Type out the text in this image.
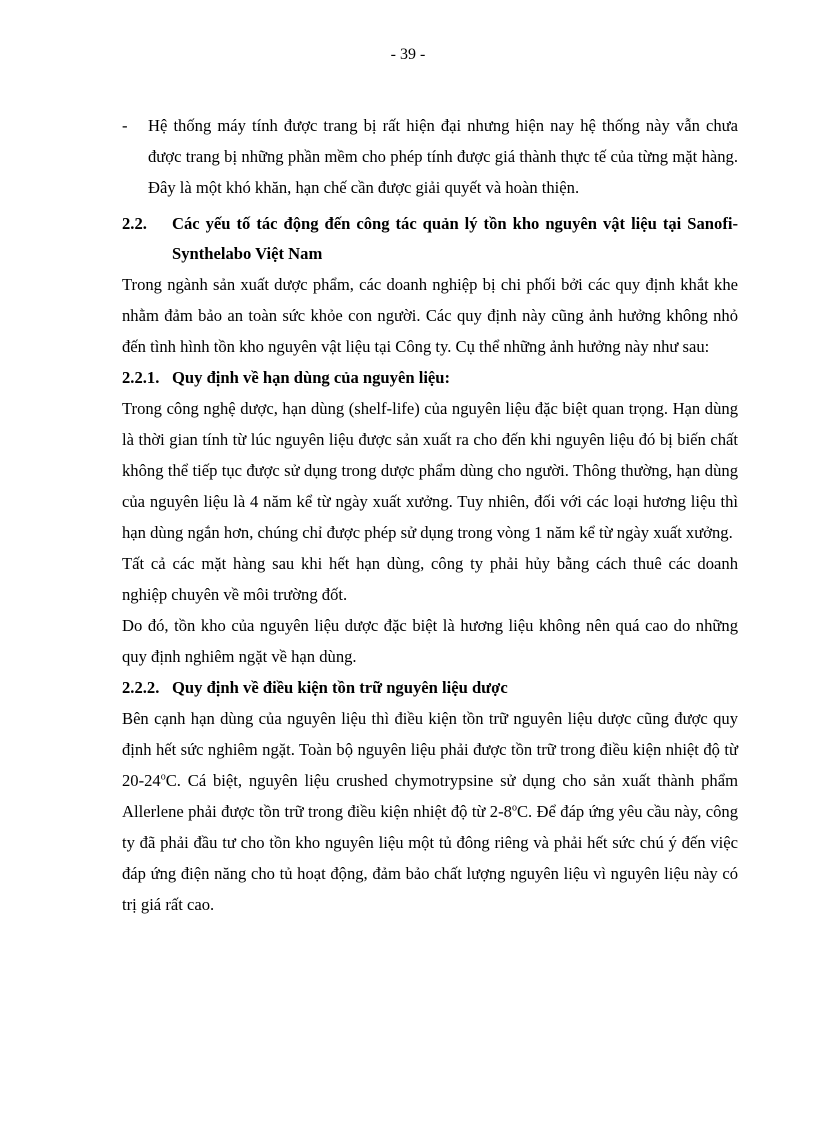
- 39 -
- Hệ thống máy tính được trang bị rất hiện đại nhưng hiện nay hệ thống này vẫn chưa được trang bị những phần mềm cho phép tính được giá thành thực tế của từng mặt hàng. Đây là một khó khăn, hạn chế cần được giải quyết và hoàn thiện.
2.2. Các yếu tố tác động đến công tác quản lý tồn kho nguyên vật liệu tại Sanofi-Synthelabo Việt Nam
Trong ngành sản xuất dược phẩm, các doanh nghiệp bị chi phối bởi các quy định khắt khe nhằm đảm bảo an toàn sức khỏe con người. Các quy định này cũng ảnh hưởng không nhỏ đến tình hình tồn kho nguyên vật liệu tại Công ty. Cụ thể những ảnh hưởng này như sau:
2.2.1. Quy định về hạn dùng của nguyên liệu:
Trong công nghệ dược, hạn dùng (shelf-life) của nguyên liệu đặc biệt quan trọng. Hạn dùng là thời gian tính từ lúc nguyên liệu được sản xuất ra cho đến khi nguyên liệu đó bị biến chất không thể tiếp tục được sử dụng trong dược phẩm dùng cho người. Thông thường, hạn dùng của nguyên liệu là 4 năm kể từ ngày xuất xưởng. Tuy nhiên, đối với các loại hương liệu thì hạn dùng ngắn hơn, chúng chỉ được phép sử dụng trong vòng 1 năm kể từ ngày xuất xưởng.
Tất cả các mặt hàng sau khi hết hạn dùng, công ty phải hủy bằng cách thuê các doanh nghiệp chuyên về môi trường đốt.
Do đó, tồn kho của nguyên liệu dược đặc biệt là hương liệu không nên quá cao do những quy định nghiêm ngặt về hạn dùng.
2.2.2. Quy định về điều kiện tồn trữ nguyên liệu dược
Bên cạnh hạn dùng của nguyên liệu thì điều kiện tồn trữ nguyên liệu dược cũng được quy định hết sức nghiêm ngặt. Toàn bộ nguyên liệu phải được tồn trữ trong điều kiện nhiệt độ từ 20-24$^o$C. Cá biệt, nguyên liệu crushed chymotrypsine sử dụng cho sản xuất thành phẩm Allerlene phải được tồn trữ trong điều kiện nhiệt độ từ 2-8$^o$C. Để đáp ứng yêu cầu này, công ty đã phải đầu tư cho tồn kho nguyên liệu một tủ đông riêng và phải hết sức chú ý đến việc đáp ứng điện năng cho tủ hoạt động, đảm bảo chất lượng nguyên liệu vì nguyên liệu này có trị giá rất cao.
